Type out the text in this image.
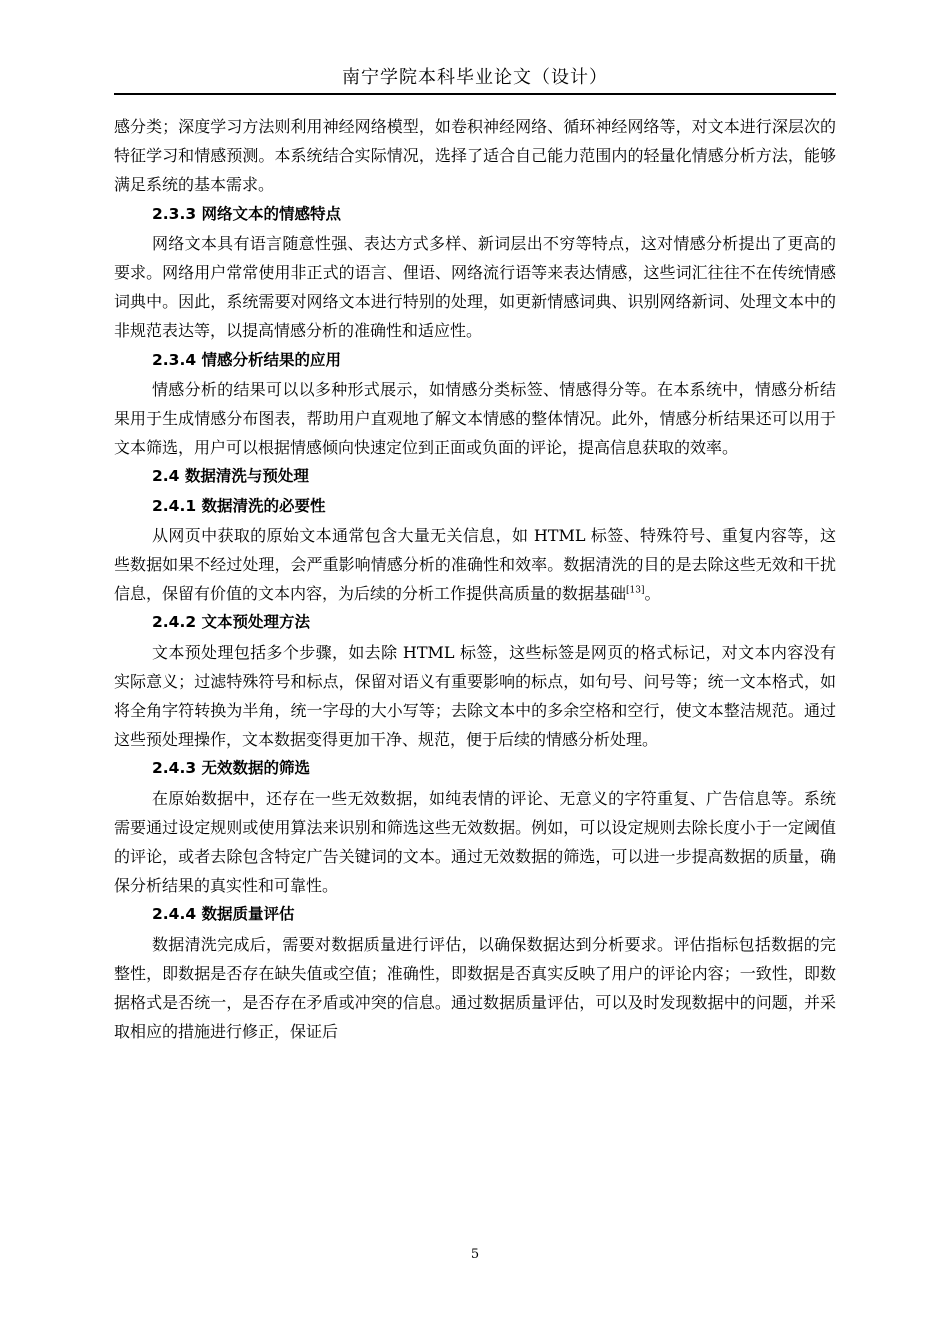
南宁学院本科毕业论文（设计）

感分类；深度学习方法则利用神经网络模型，如卷积神经网络、循环神经网络等，对文本进行深层次的特征学习和情感预测。本系统结合实际情况，选择了适合自己能力范围内的轻量化情感分析方法，能够满足系统的基本需求。

2.3.3 网络文本的情感特点

网络文本具有语言随意性强、表达方式多样、新词层出不穷等特点，这对情感分析提出了更高的要求。网络用户常常使用非正式的语言、俚语、网络流行语等来表达情感，这些词汇往往不在传统情感词典中。因此，系统需要对网络文本进行特别的处理，如更新情感词典、识别网络新词、处理文本中的非规范表达等，以提高情感分析的准确性和适应性。

2.3.4 情感分析结果的应用

情感分析的结果可以以多种形式展示，如情感分类标签、情感得分等。在本系统中，情感分析结果用于生成情感分布图表，帮助用户直观地了解文本情感的整体情况。此外，情感分析结果还可以用于文本筛选，用户可以根据情感倾向快速定位到正面或负面的评论，提高信息获取的效率。

2.4 数据清洗与预处理

2.4.1 数据清洗的必要性

从网页中获取的原始文本通常包含大量无关信息，如 HTML 标签、特殊符号、重复内容等，这些数据如果不经过处理，会严重影响情感分析的准确性和效率。数据清洗的目的是去除这些无效和干扰信息，保留有价值的文本内容，为后续的分析工作提供高质量的数据基础[13]。

2.4.2 文本预处理方法

文本预处理包括多个步骤，如去除 HTML 标签，这些标签是网页的格式标记，对文本内容没有实际意义；过滤特殊符号和标点，保留对语义有重要影响的标点，如句号、问号等；统一文本格式，如将全角字符转换为半角，统一字母的大小写等；去除文本中的多余空格和空行，使文本整洁规范。通过这些预处理操作，文本数据变得更加干净、规范，便于后续的情感分析处理。

2.4.3 无效数据的筛选

在原始数据中，还存在一些无效数据，如纯表情的评论、无意义的字符重复、广告信息等。系统需要通过设定规则或使用算法来识别和筛选这些无效数据。例如，可以设定规则去除长度小于一定阈值的评论，或者去除包含特定广告关键词的文本。通过无效数据的筛选，可以进一步提高数据的质量，确保分析结果的真实性和可靠性。

2.4.4 数据质量评估

数据清洗完成后，需要对数据质量进行评估，以确保数据达到分析要求。评估指标包括数据的完整性，即数据是否存在缺失值或空值；准确性，即数据是否真实反映了用户的评论内容；一致性，即数据格式是否统一，是否存在矛盾或冲突的信息。通过数据质量评估，可以及时发现数据中的问题，并采取相应的措施进行修正，保证后

5
